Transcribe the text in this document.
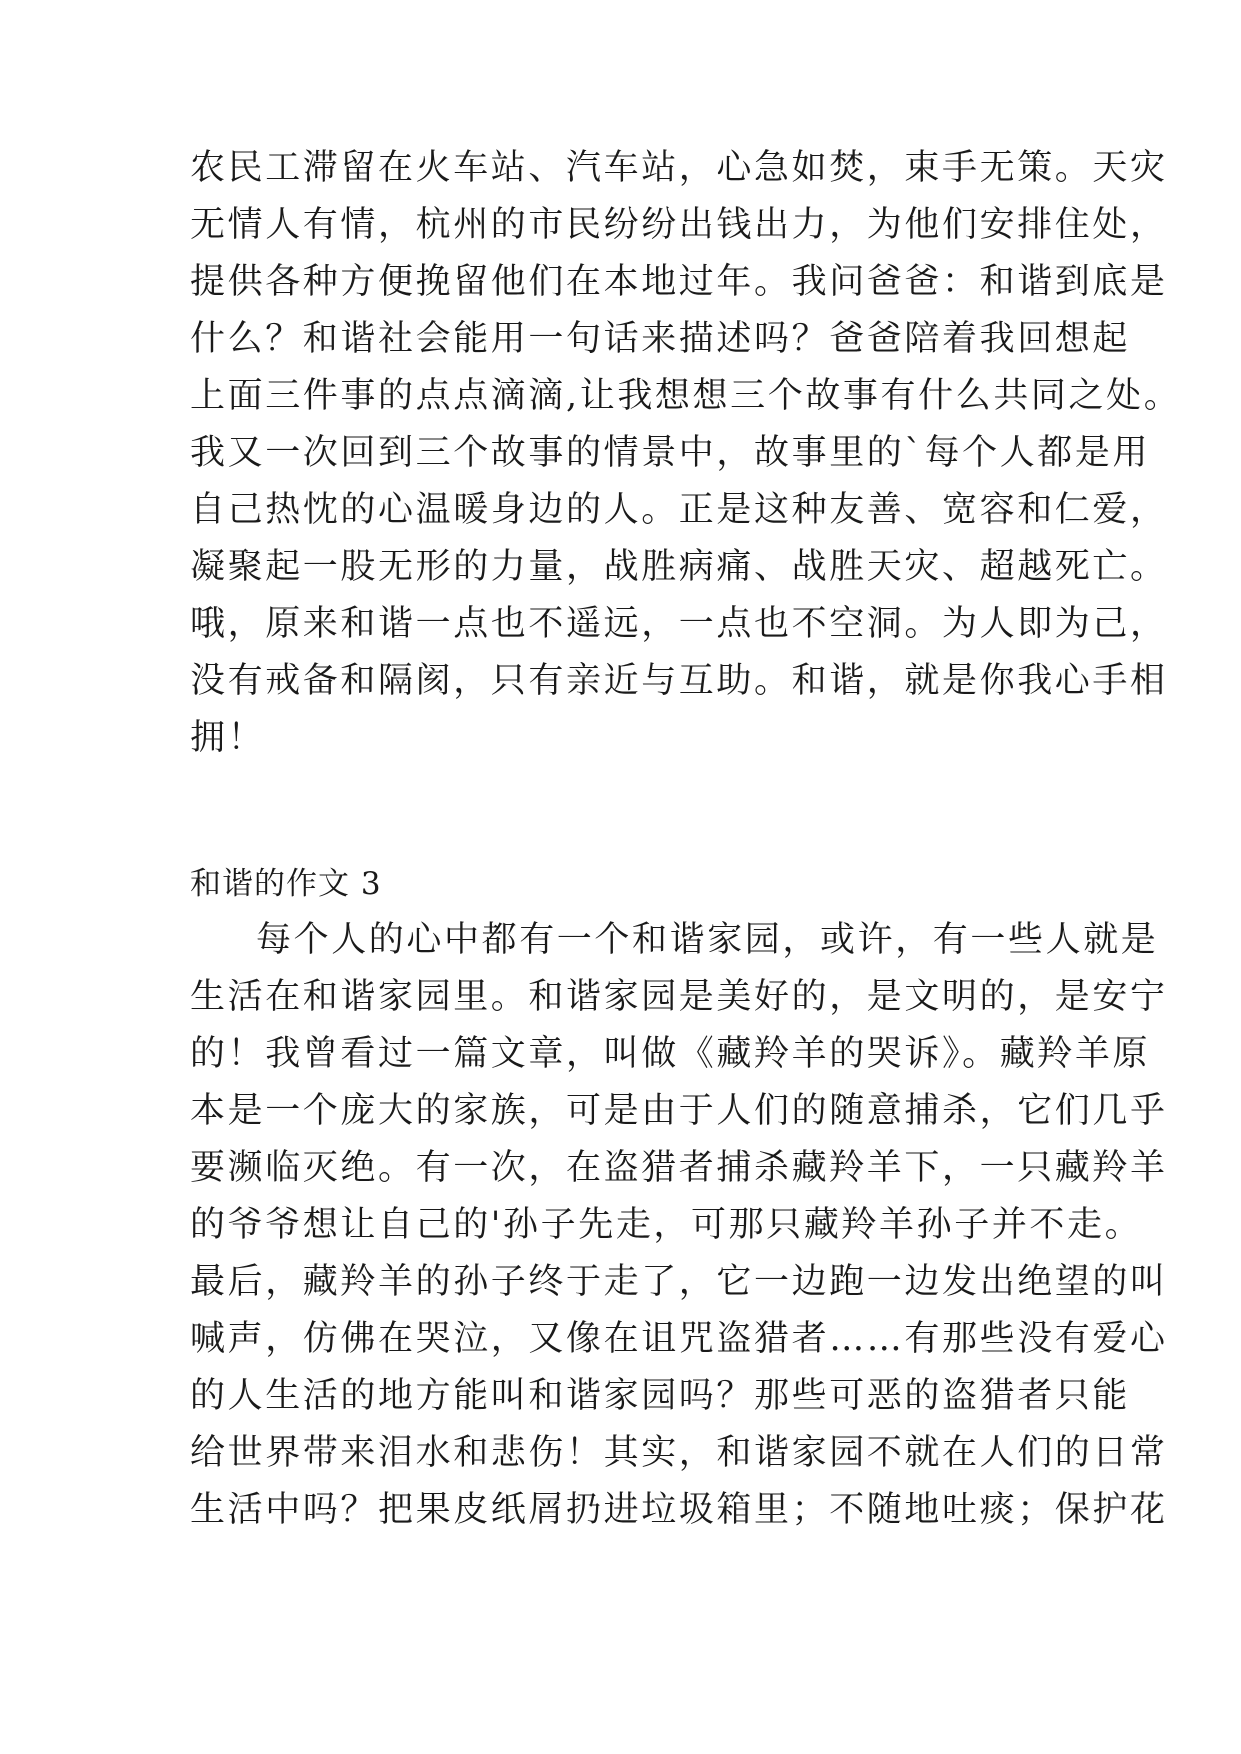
农民工滞留在火车站、汽车站，心急如焚，束手无策。天灾
无情人有情，杭州的市民纷纷出钱出力，为他们安排住处，
提供各种方便挽留他们在本地过年。我问爸爸：和谐到底是
什么？和谐社会能用一句话来描述吗？爸爸陪着我回想起
上面三件事的点点滴滴,让我想想三个故事有什么共同之处。
我又一次回到三个故事的情景中，故事里的`每个人都是用
自己热忱的心温暖身边的人。正是这种友善、宽容和仁爱，
凝聚起一股无形的力量，战胜病痛、战胜天灾、超越死亡。
哦，原来和谐一点也不遥远，一点也不空洞。为人即为己，
没有戒备和隔阂，只有亲近与互助。和谐，就是你我心手相
拥！
和谐的作文 3
每个人的心中都有一个和谐家园，或许，有一些人就是
生活在和谐家园里。和谐家园是美好的，是文明的，是安宁
的！我曾看过一篇文章，叫做《藏羚羊的哭诉》。藏羚羊原
本是一个庞大的家族，可是由于人们的随意捕杀，它们几乎
要濒临灭绝。有一次，在盗猎者捕杀藏羚羊下，一只藏羚羊
的爷爷想让自己的'孙子先走，可那只藏羚羊孙子并不走。
最后，藏羚羊的孙子终于走了，它一边跑一边发出绝望的叫
喊声，仿佛在哭泣，又像在诅咒盗猎者……有那些没有爱心
的人生活的地方能叫和谐家园吗？那些可恶的盗猎者只能
给世界带来泪水和悲伤！其实，和谐家园不就在人们的日常
生活中吗？把果皮纸屑扔进垃圾箱里；不随地吐痰；保护花
